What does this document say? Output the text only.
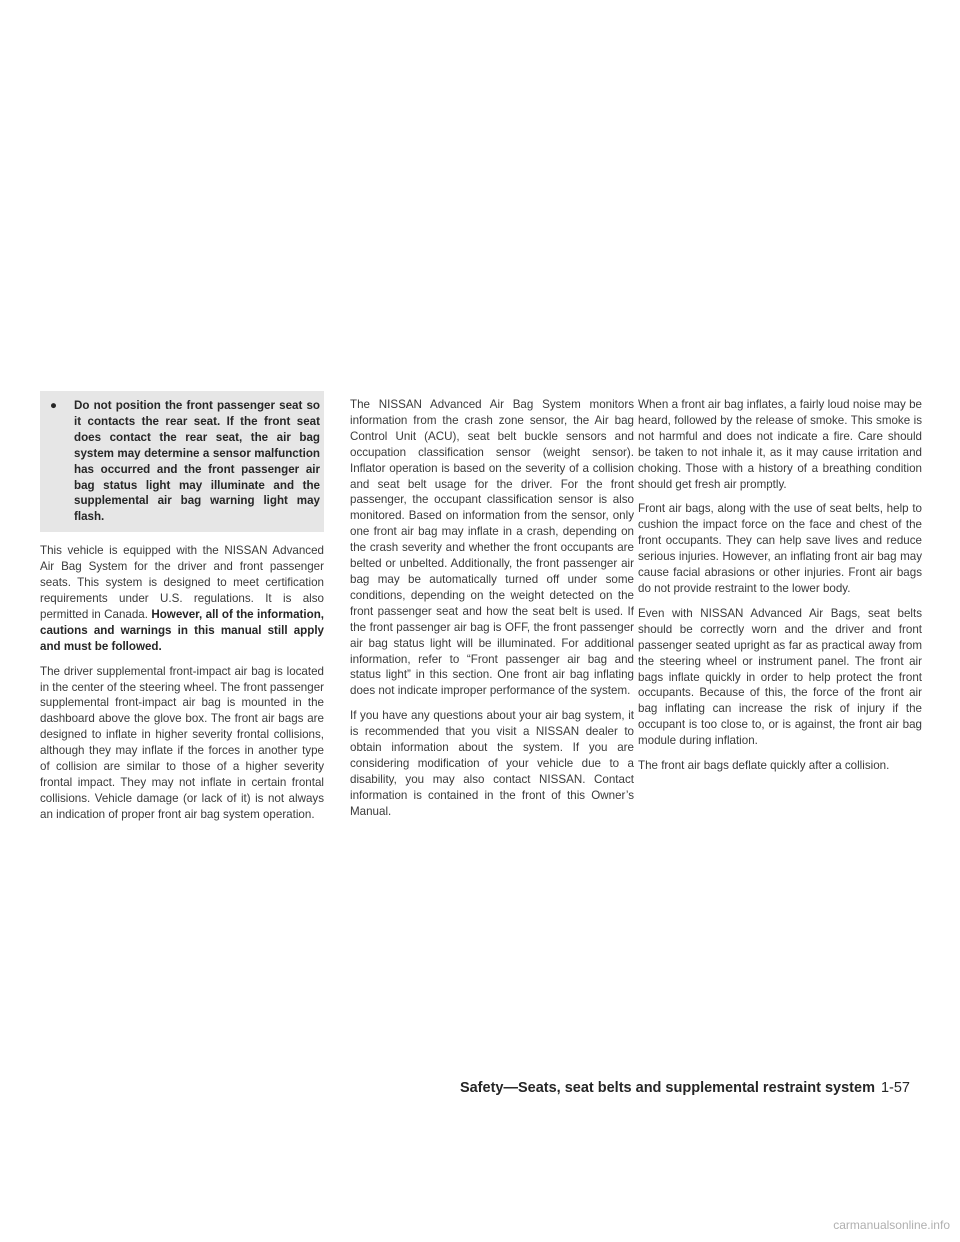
●	Do not position the front passenger seat so it contacts the rear seat. If the front seat does contact the rear seat, the air bag system may determine a sensor malfunction has occurred and the front passenger air bag status light may illuminate and the supplemental air bag warning light may flash.

This vehicle is equipped with the NISSAN Advanced Air Bag System for the driver and front passenger seats. This system is designed to meet certification requirements under U.S. regulations. It is also permitted in Canada. However, all of the information, cautions and warnings in this manual still apply and must be followed.

The driver supplemental front-impact air bag is located in the center of the steering wheel. The front passenger supplemental front-impact air bag is mounted in the dashboard above the glove box. The front air bags are designed to inflate in higher severity frontal collisions, although they may inflate if the forces in another type of collision are similar to those of a higher severity frontal impact. They may not inflate in certain frontal collisions. Vehicle damage (or lack of it) is not always an indication of proper front air bag system operation.

The NISSAN Advanced Air Bag System monitors information from the crash zone sensor, the Air bag Control Unit (ACU), seat belt buckle sensors and occupation classification sensor (weight sensor). Inflator operation is based on the severity of a collision and seat belt usage for the driver. For the front passenger, the occupant classification sensor is also monitored. Based on information from the sensor, only one front air bag may inflate in a crash, depending on the crash severity and whether the front occupants are belted or unbelted. Additionally, the front passenger air bag may be automatically turned off under some conditions, depending on the weight detected on the front passenger seat and how the seat belt is used. If the front passenger air bag is OFF, the front passenger air bag status light will be illuminated. For additional information, refer to “Front passenger air bag and status light” in this section. One front air bag inflating does not indicate improper performance of the system.

If you have any questions about your air bag system, it is recommended that you visit a NISSAN dealer to obtain information about the system. If you are considering modification of your vehicle due to a disability, you may also contact NISSAN. Contact information is contained in the front of this Owner’s Manual.

When a front air bag inflates, a fairly loud noise may be heard, followed by the release of smoke. This smoke is not harmful and does not indicate a fire. Care should be taken to not inhale it, as it may cause irritation and choking. Those with a history of a breathing condition should get fresh air promptly.

Front air bags, along with the use of seat belts, help to cushion the impact force on the face and chest of the front occupants. They can help save lives and reduce serious injuries. However, an inflating front air bag may cause facial abrasions or other injuries. Front air bags do not provide restraint to the lower body.

Even with NISSAN Advanced Air Bags, seat belts should be correctly worn and the driver and front passenger seated upright as far as practical away from the steering wheel or instrument panel. The front air bags inflate quickly in order to help protect the front occupants. Because of this, the force of the front air bag inflating can increase the risk of injury if the occupant is too close to, or is against, the front air bag module during inflation.

The front air bags deflate quickly after a collision.

Safety—Seats, seat belts and supplemental restraint system 1-57
carmanualsonline.info
